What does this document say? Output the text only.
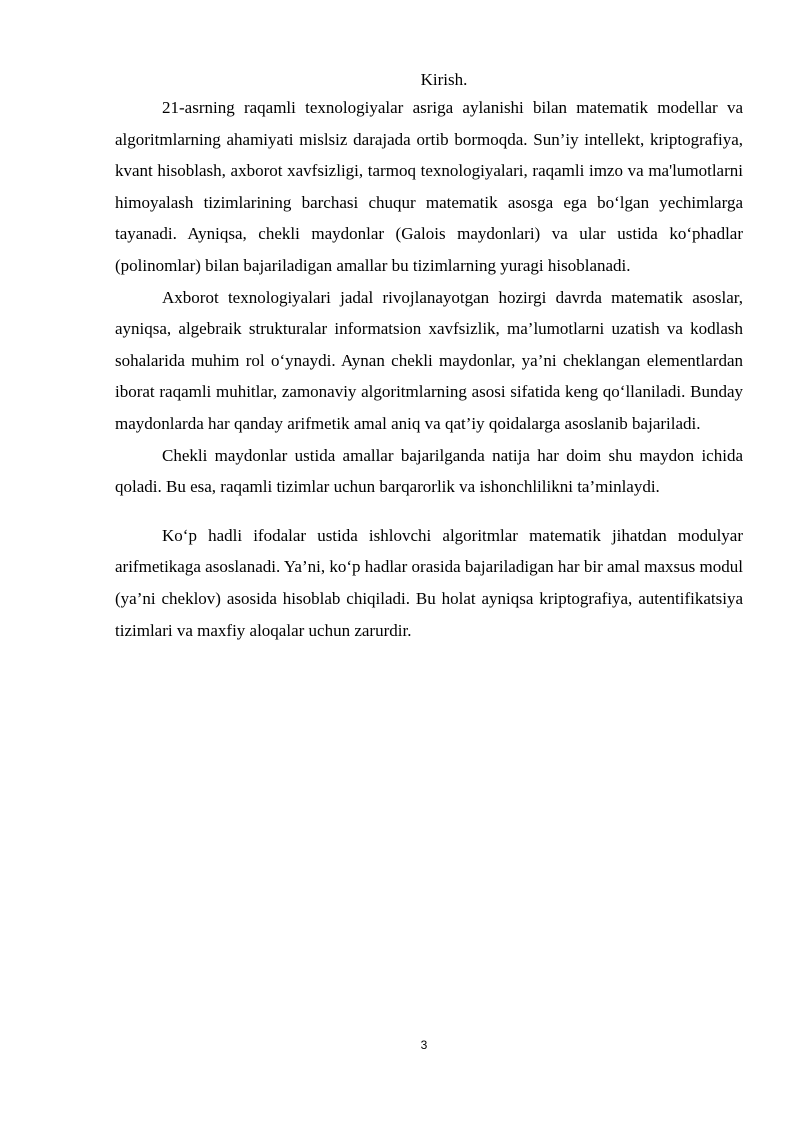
Kirish.

21-asrning raqamli texnologiyalar asriga aylanishi bilan matematik modellar va algoritmlarning ahamiyati mislsiz darajada ortib bormoqda. Sun’iy intellekt, kriptografiya, kvant hisoblash, axborot xavfsizligi, tarmoq texnologiyalari, raqamli imzo va ma'lumotlarni himoyalash tizimlarining barchasi chuqur matematik asosga ega bo‘lgan yechimlarga tayanadi. Ayniqsa, chekli maydonlar (Galois maydonlari) va ular ustida ko‘phadlar (polinomlar) bilan bajariladigan amallar bu tizimlarning yuragi hisoblanadi.

Axborot texnologiyalari jadal rivojlanayotgan hozirgi davrda matematik asoslar, ayniqsa, algebraik strukturalar informatsion xavfsizlik, ma’lumotlarni uzatish va kodlash sohalarida muhim rol o‘ynaydi. Aynan chekli maydonlar, ya’ni cheklangan elementlardan iborat raqamli muhitlar, zamonaviy algoritmlarning asosi sifatida keng qo‘llaniladi. Bunday maydonlarda har qanday arifmetik amal aniq va qat’iy qoidalarga asoslanib bajariladi.

Chekli maydonlar ustida amallar bajarilganda natija har doim shu maydon ichida qoladi. Bu esa, raqamli tizimlar uchun barqarorlik va ishonchlilikni ta’minlaydi.

Ko‘p hadli ifodalar ustida ishlovchi algoritmlar matematik jihatdan modulyar arifmetikaga asoslanadi. Ya’ni, ko‘p hadlar orasida bajariladigan har bir amal maxsus modul (ya’ni cheklov) asosida hisoblab chiqiladi. Bu holat ayniqsa kriptografiya, autentifikatsiya tizimlari va maxfiy aloqalar uchun zarurdir.

3
